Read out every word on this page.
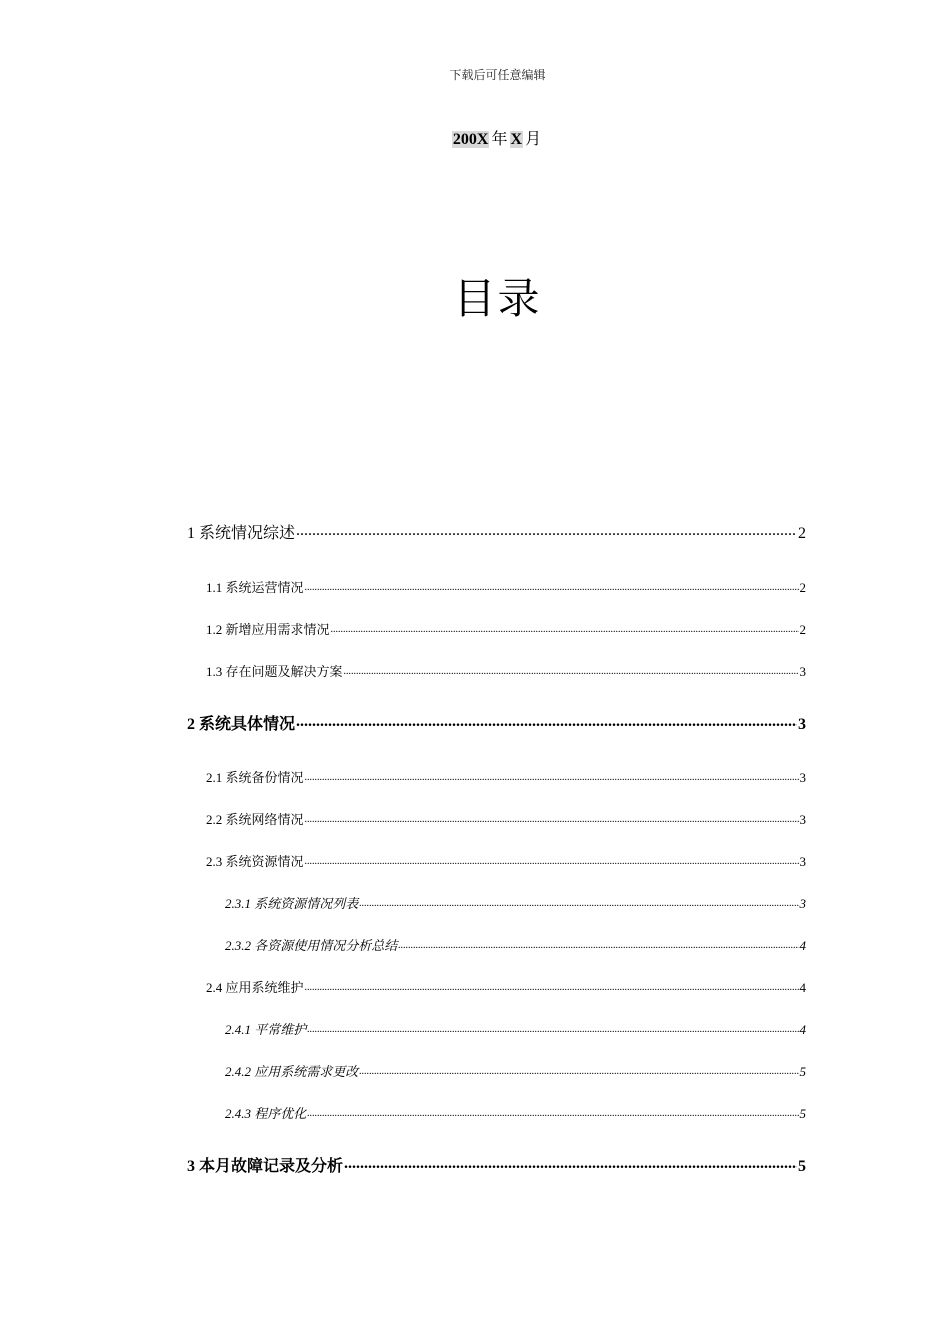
下载后可任意编辑
200X 年 X 月
目录
1 系统情况综述 .....	2
1.1 系统运营情况 .....	2
1.2 新增应用需求情况 .....	2
1.3 存在问题及解决方案 .....	3
2 系统具体情况 .....	3
2.1 系统备份情况 .....	3
2.2 系统网络情况 .....	3
2.3 系统资源情况 .....	3
2.3.1 系统资源情况列表 .....	3
2.3.2 各资源使用情况分析总结 .....	4
2.4 应用系统维护 .....	4
2.4.1 平常维护 .....	4
2.4.2 应用系统需求更改 .....	5
2.4.3 程序优化 .....	5
3 本月故障记录及分析 .....	5
